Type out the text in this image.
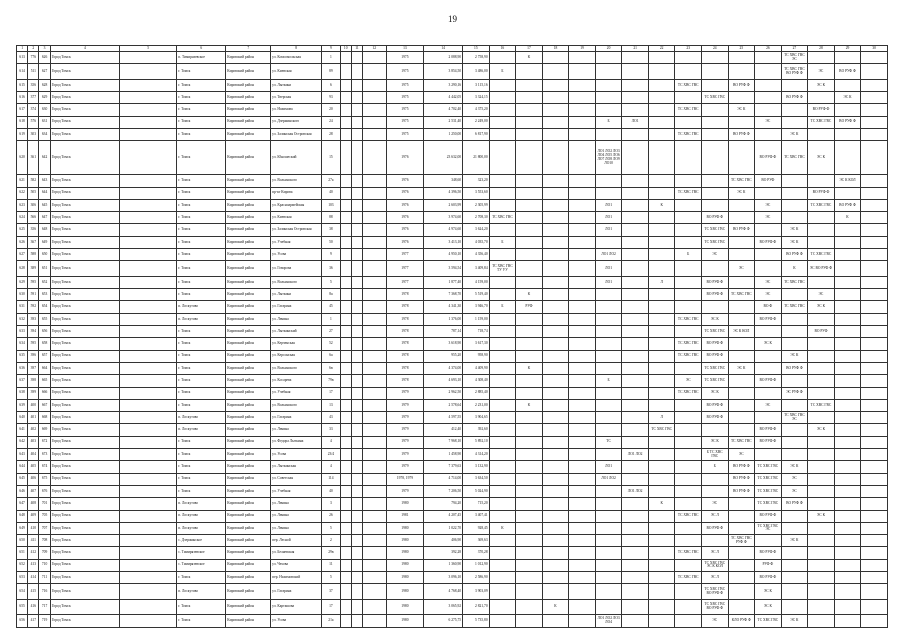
19
1	2	3	4	5	6	7	8	9	10	11	12	13	14	15	16	17	18	19	20	21	22	23	24	25	26	27	28	29	30
613	776	626	Город Томск		п. Тимирязевское	Кировский район	ул. Комсомольская	1				1975	2 088,90	2 758,90		К										ТС ХВС ГВС ЭС			
614	511	627	Город Томск		г. Томск	Кировский район	ул. Киевская	89				1975	3 854,50	3 486,00	Б											ТС ХВС ГВС ВО РУФ Ф	ЭС	ВО РУФ Ф	
615	356	628	Город Томск		г. Томск	Кировский район	ул. Лыткина	6				1975	3 290,16	3 115,16								ТС ХВС ГВС		ВО РУФ Ф			ЭС К		
616	377	629	Город Томск		г. Томск	Кировский район	ул. Тверская	93				1975	4 442,05	3 324,15									ТС ХВС ГВС			ВО РУФ Ф		ЭС К	
617	374	630	Город Томск		г. Томск	Кировский район	ул. Нахимова	20				1975	4 702,40	4 375,20								ТС ХВС ГВС		ЭС К			ВО РУФ Ф		
618	576	631	Город Томск		г. Томск	Кировский район	ул. Дзержинского	24				1975	2 531,40	2 249,00					Б	ЛО1					ЭС		ТС ХВС ГВС	ВО РУФ Ф	
619	303	634	Город Томск		г. Томск	Кировский район	ул. Залинская Островская	28				1975	1 250,00	6 817,90								ТС ХВС ГВС		ВО РУФ Ф		ЭС К			
620	361	642	Город Томск		г. Томск	Кировский район	ул. Юношеский	15				1976	23 632,00	21 800,00					ЛО1 ЛО2 ЛО3 ЛО4 ЛО5 ЛО6 ЛО7 ЛО8 ЛО9 ЛО10						ВО РУФ Ф	ТС ХВС ГВС	ЭС К		
621	582	643	Город Томск		г. Томск	Кировский район	ул. Вольинского	27а				1976	348,60	323,20										ТС ХВС ГВС	ВО РУФ			ЭС К КОЛ	
622	505	644	Город Томск		г. Томск	Кировский район	пр-кт Кирова	40				1976	4 396,50	3 553,60								ТС ХВС ГВС		ЭС К			ВО РУФ Ф		
623	306	645	Город Томск		г. Томск	Кировский район	ул. Красноармейская	103				1976	2 603,99	2 305,99					ЛО1		К				ЭС		ТС ХВС ГВС	ВО РУФ Ф	
624	566	647	Город Томск		г. Томск	Кировский район	ул. Киевская	88				1976	3 974,60	2 708,30	ТС ХВС ГВС				ЛО1				ВО РУФ Ф		ЭС			К	
625	356	648	Город Томск		г. Томск	Кировский район	ул. Залинская Островская	38				1976	4 974,60	3 624,20					ЛО1				ТС ХВС ГВС	ВО РУФ Ф		ЭС К			
626	367	649	Город Томск		г. Томск	Кировский район	ул. Учебная	50				1976	3 413,10	4 035,70	Б								ТС ХВС ГВС		ВО РУФ Ф	ЭС К			
627	588	650	Город Томск		г. Томск	Кировский район	ул. Усова	9				1977	4 950,10	4 356,40					ЛО1 ЛО2			Б	ЭС			ВО РУФ Ф	ТС ХВС ГВС		
628	389	651	Город Томск		г. Томск	Кировский район	ул. Говорова	36				1977	3 594,54	3 409,84	ТС ХВС ГВС ТУ УУ				ЛО1					ЭС		К	ЭС ВО РУФ Ф		
629	595	652	Город Томск		г. Томск	Кировский район	ул. Вольинского	5				1977	1 877,40	4 159,00					ЛО1		Л		ВО РУФ Ф		ЭС	ТС ХВС ГВС			
630	591	653	Город Томск		г. Томск	Кировский район	ул. Лыткина	8а				1978	7 368,70	5 519,40		К							ВО РУФ Ф	ТС ХВС ГВС	ЭС		ЭС		
631	592	654	Город Томск		п. Лоскутово	Кировский район	ул. Гагарина	45				1978	4 341,30	3 946,70	Б	РУФ									ВО Ф	ТС ХВС ГВС	ЭС К		
632	393	655	Город Томск		п. Лоскутово	Кировский район	ул. Ленина	1				1978	1 376,00	1 159,00								ТС ХВС ГВС	ЭС К		ВО РУФ Ф				
633	394	656	Город Томск		г. Томск	Кировский район	ул. Лыткинский	27				1978	787,14	718,74									ТС ХВС ГВС	ЭС К КОЛ			ВО РУФ		
634	595	658	Город Томск		г. Томск	Кировский район	ул. Керченская	52				1978	3 618,90	3 617,30								ТС ХВС ГВС	ВО РУФ Ф		ЭС К				
635	396	657	Город Томск		г. Томск	Кировский район	ул. Керсонская	6а				1978	955,20	958,90								ТС ХВС ГВС	ВО РУФ Ф			ЭС К			
636	397	664	Город Томск		г. Томск	Кировский район	ул. Вольинского	6в				1978	4 374,00	4 409,90		К							ТС ХВС ГВС	ЭС К		ВО РУФ Ф			
637	398	665	Город Томск		г. Томск	Кировский район	ул. Косарева	79в				1978	4 693,10	4 308,40					Б			ЭС	ТС ХВС ГВС		ВО РУФ Ф				
638	399	666	Город Томск		г. Томск	Кировский район	ул. Учебная	17				1979	2 962,50	2 885,40								ТС ХВС ГВС	ЭС К			ЭС РУФ Ф			
639	400	667	Город Томск		г. Томск	Кировский район	ул. Вольинского	13				1979	2 578,64	2 231,00		К							ВО РУФ Ф		ЭС		ТС ХВС ГВС		
640	401	668	Город Томск		п. Лоскутово	Кировский район	ул. Гагарина	43				1979	4 597,55	3 904,65							Л		ВО РУФ Ф			ТС ХВС ГВС ЭС			
641	402	669	Город Томск		п. Лоскутово	Кировский район	ул. Ленина	33				1979	412,40	392,60							ТС ХВС ГВС				ВО РУФ Ф		ЭС К		
642	403	672	Город Томск		г. Томск	Кировский район	ул. Федора Лыткина	4				1979	7 968,10	5 892,10					ТС				ЭС К	ТС ХВС ГВС	ВО РУФ Ф				
643	404	673	Город Томск		г. Томск	Кировский район	ул. Усова	23/4				1979	1 458,90	4 314,20						ЛО1 ЛО2			Б ТС ХВС ГВС	ЭС					
644	405	674	Город Томск		г. Томск	Кировский район	ул. Лыткинская	4				1979	7 379,63	3 132,90					ЛО1				Б	ВО РУФ Ф	ТС ХВС ГВС	ЭС К			
645	406	675	Город Томск		г. Томск	Кировский район	ул. Советская	114				1978, 1979	4 714,00	3 634,50					ЛО1 ЛО2					ВО РУФ Ф	ТС ХВС ГВС	ЭС			
646	407	676	Город Томск		г. Томск	Кировский район	ул. Учебная	40				1979	7 206,50	5 024,90						ЛО1 ЛО2				ВО РУФ Ф	ТС ХВС ГВС	ЭС			
647	408	701	Город Томск		п. Лоскутово	Кировский район	ул. Ленина	3				1980	794,20	715,20							К		ЭС		ТС ХВС ГВС	ВО РУФ Ф			
648	409	705	Город Томск		п. Лоскутово	Кировский район	ул. Ленина	26				1981	4 207,45	3 407,41								ТС ХВС ГВС	ЭС Л		ВО РУФ Ф		ЭС К		
649	410	707	Город Томск		п. Лоскутово	Кировский район	ул. Ленина	5				1980	1 022,70	928,45	К								ВО РУФ Ф		ТС ХВС ГВС ЭС				
650	411	708	Город Томск		с. Дзержинское	Кировский район	пер. Лесной	2				1980	406,90	369,63										ТС ХВС ГВС РУФ Ф		ЭС К			
651	412	709	Город Томск		с. Тимирязевское	Кировский район	ул. Беляевская	29в				1980	392,28	370,28								ТС ХВС ГВС	ЭС Л		ВО РУФ Ф				
652	413	710	Город Томск		с. Тимирязевское	Кировский район	ул. Чехова	11				1980	1 360,90	1 012,90									ТС ХВС ГВС ЭС К КОЛ		РУФ Ф				
653	414	711	Город Томск		г. Томск	Кировский район	пер. Нахимовский	5				1980	3 096,10	2 586,90								ТС ХВС ГВС	ЭС Л		ВО РУФ Ф				
654	415	716	Город Томск		п. Лоскутово	Кировский район	ул. Гагарина	37				1980	4 768,40	3 903,09									ТС ХВС ГВС ВО РУФ Ф		ЭС К				
655	416	717	Город Томск		г. Томск	Кировский район	ул. Карташова	17				1980	3 065,92	2 821,70			К						ТС ХВС ГВС ВО РУФ Ф		ЭС К				
656	417	719	Город Томск		г. Томск	Кировский район	ул. Усова	21а				1980	6 275,75	5 735,80					ЛО1 ЛО2 ЛО3 ЛО4				ЭС	КЛО РУФ Ф	ТС ХВС ГВС	ЭС К			
